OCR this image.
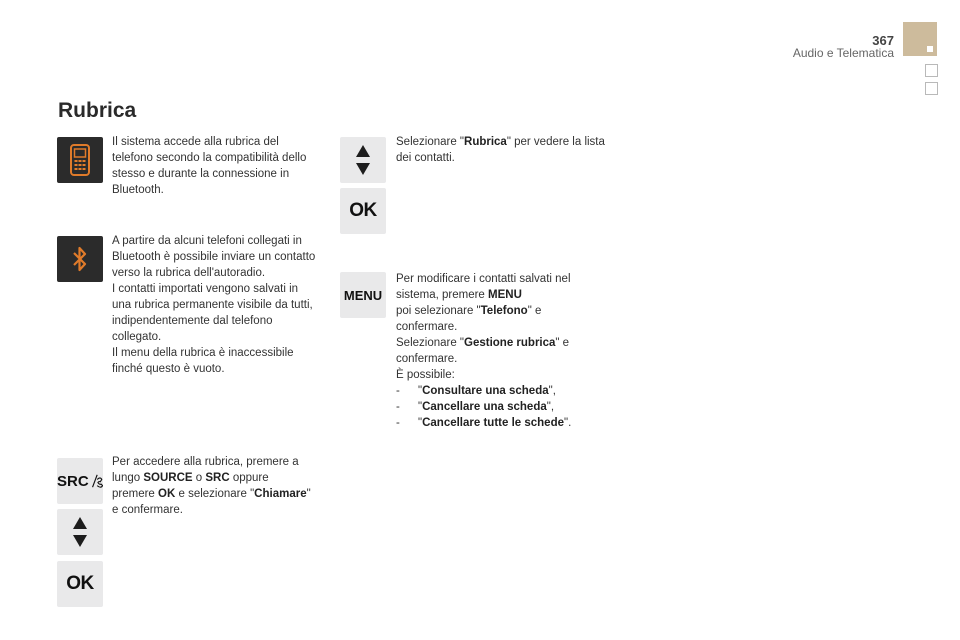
367
Audio e Telematica
Rubrica
SRC
OK
OK
MENU

Il sistema accede alla rubrica del telefono secondo la compatibilità dello stesso e durante la connessione in Bluetooth.

A partire da alcuni telefoni collegati in Bluetooth è possibile inviare un contatto verso la rubrica dell'autoradio.

I contatti importati vengono salvati in una rubrica permanente visibile da tutti, indipendentemente dal telefono collegato.

Il menu della rubrica è inaccessibile finché questo è vuoto.

Per accedere alla rubrica, premere a lungo SOURCE o SRC oppure premere OK e selezionare "Chiamare" e confermare.

Selezionare "Rubrica" per vedere la lista dei contatti.

Per modificare i contatti salvati nel sistema, premere MENU

poi selezionare "Telefono" e confermare.

Selezionare "Gestione rubrica" e confermare.

È possibile:

- "Consultare una scheda",

- "Cancellare una scheda",

- "Cancellare tutte le schede".
